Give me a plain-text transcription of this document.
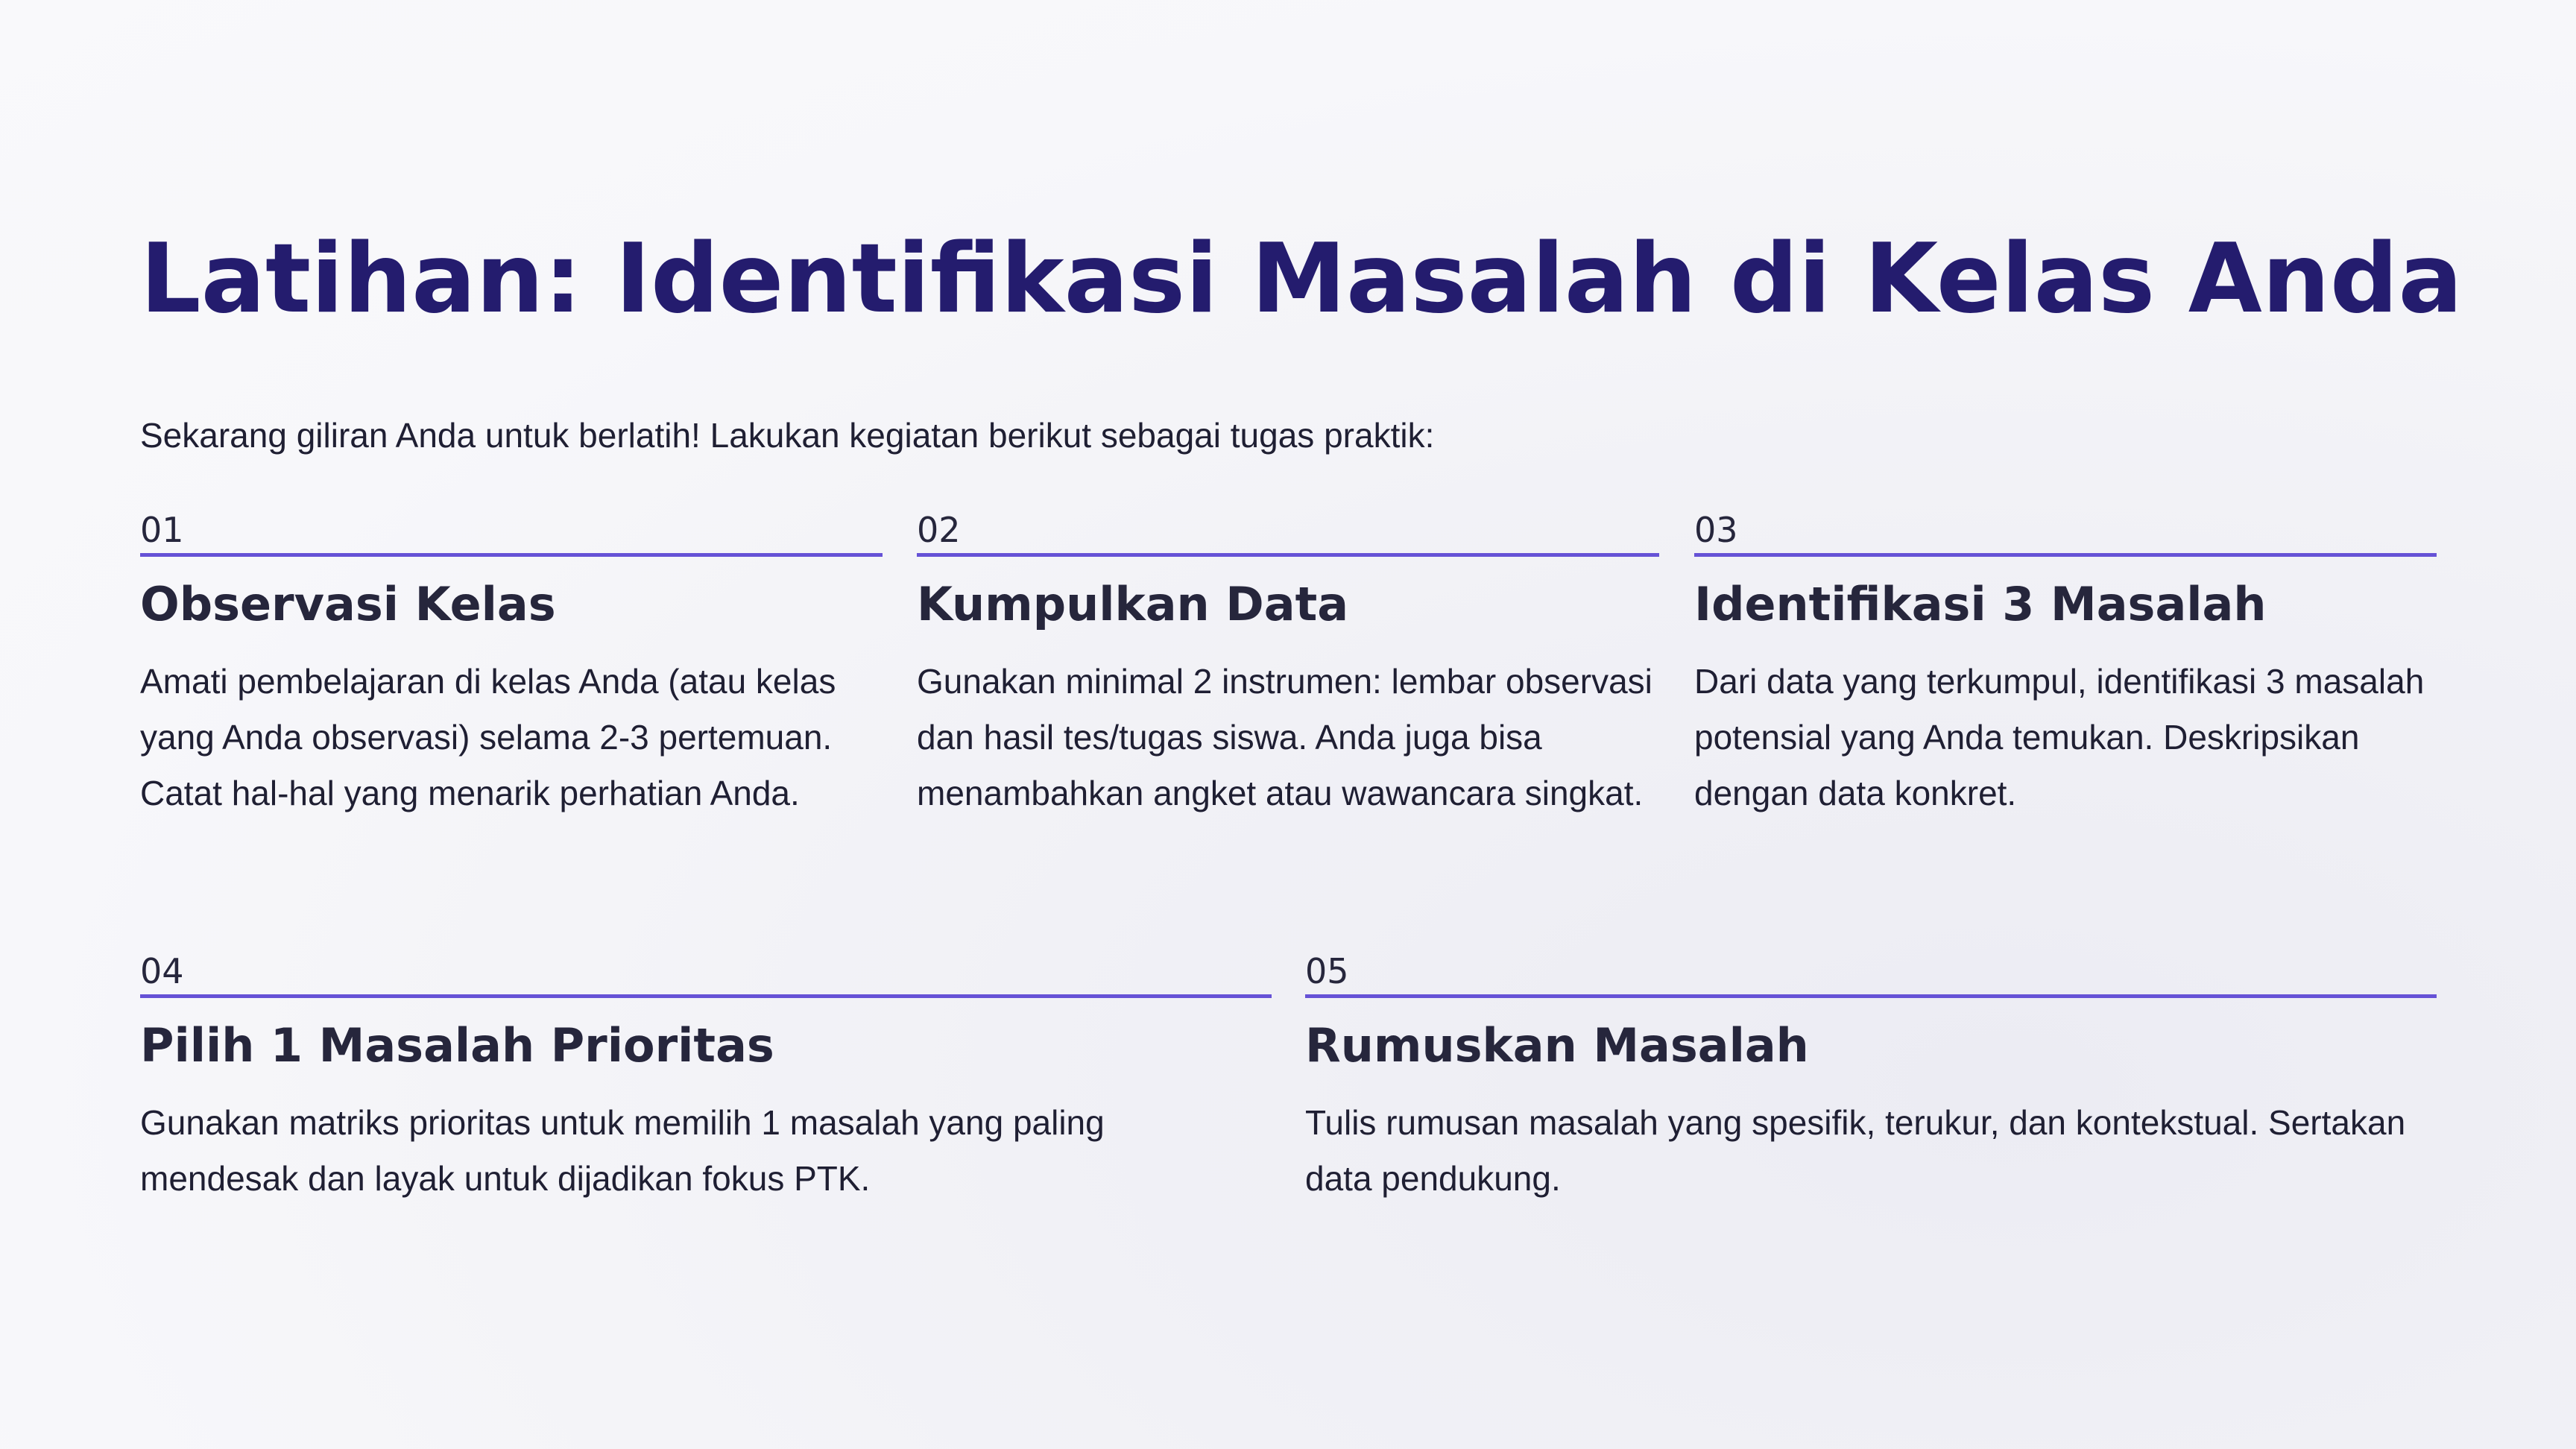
Latihan: Identifikasi Masalah di Kelas Anda

Sekarang giliran Anda untuk berlatih! Lakukan kegiatan berikut sebagai tugas praktik:

01
Observasi Kelas
Amati pembelajaran di kelas Anda (atau kelas yang Anda observasi) selama 2-3 pertemuan. Catat hal-hal yang menarik perhatian Anda.
02
Kumpulkan Data
Gunakan minimal 2 instrumen: lembar observasi dan hasil tes/tugas siswa. Anda juga bisa menambahkan angket atau wawancara singkat.
03
Identifikasi 3 Masalah
Dari data yang terkumpul, identifikasi 3 masalah potensial yang Anda temukan. Deskripsikan dengan data konkret.
04
Pilih 1 Masalah Prioritas
Gunakan matriks prioritas untuk memilih 1 masalah yang paling mendesak dan layak untuk dijadikan fokus PTK.
05
Rumuskan Masalah
Tulis rumusan masalah yang spesifik, terukur, dan kontekstual. Sertakan data pendukung.
